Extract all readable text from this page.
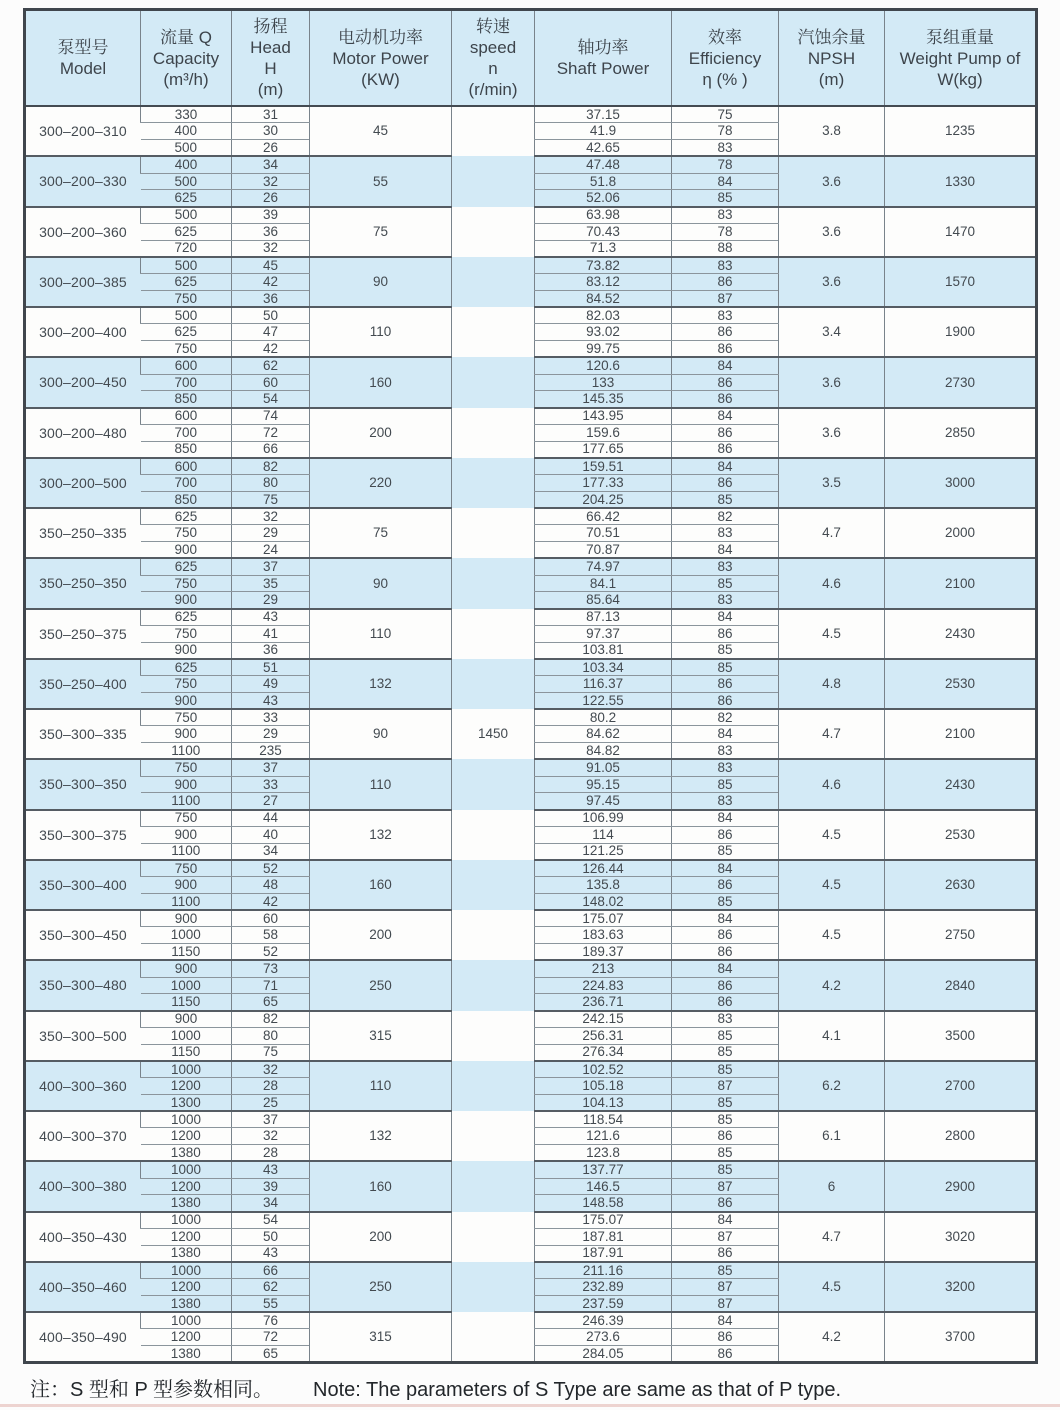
泵型号
Model

流量 Q
Capacity
(m³/h)

扬程
Head
H
(m)

电动机功率
Motor Power
(KW)

转速
speed
n
(r/min)

轴功率
Shaft Power

效率
Efficiency
η (% )

汽蚀余量
NPSH
(m)

泵组重量
Weight Pump of
W(kg)

300–200–310	330	31	45		37.15	75	3.8	1235
	400	30			41.9	78		
	500	26			42.65	83		
300–200–330	400	34	55		47.48	78	3.6	1330
	500	32			51.8	84		
	625	26			52.06	85		
300–200–360	500	39	75		63.98	83	3.6	1470
	625	36			70.43	78		
	720	32			71.3	88		
300–200–385	500	45	90		73.82	83	3.6	1570
	625	42			83.12	86		
	750	36			84.52	87		
300–200–400	500	50	110		82.03	83	3.4	1900
	625	47			93.02	86		
	750	42			99.75	86		
300–200–450	600	62	160		120.6	84	3.6	2730
	700	60			133	86		
	850	54			145.35	86		
300–200–480	600	74	200		143.95	84	3.6	2850
	700	72			159.6	86		
	850	66			177.65	86		
300–200–500	600	82	220		159.51	84	3.5	3000
	700	80			177.33	86		
	850	75			204.25	85		
350–250–335	625	32	75		66.42	82	4.7	2000
	750	29			70.51	83		
	900	24			70.87	84		
350–250–350	625	37	90		74.97	83	4.6	2100
	750	35			84.1	85		
	900	29			85.64	83		
350–250–375	625	43	110		87.13	84	4.5	2430
	750	41			97.37	86		
	900	36			103.81	85		
350–250–400	625	51	132		103.34	85	4.8	2530
	750	49			116.37	86		
	900	43			122.55	86		
350–300–335	750	33	90	1450	80.2	82	4.7	2100
	900	29			84.62	84		
	1100	235			84.82	83		
350–300–350	750	37	110		91.05	83	4.6	2430
	900	33			95.15	85		
	1100	27			97.45	83		
350–300–375	750	44	132		106.99	84	4.5	2530
	900	40			114	86		
	1100	34			121.25	85		
350–300–400	750	52	160		126.44	84	4.5	2630
	900	48			135.8	86		
	1100	42			148.02	85		
350–300–450	900	60	200		175.07	84	4.5	2750
	1000	58			183.63	86		
	1150	52			189.37	86		
350–300–480	900	73	250		213	84	4.2	2840
	1000	71			224.83	86		
	1150	65			236.71	86		
350–300–500	900	82	315		242.15	83	4.1	3500
	1000	80			256.31	85		
	1150	75			276.34	85		
400–300–360	1000	32	110		102.52	85	6.2	2700
	1200	28			105.18	87		
	1300	25			104.13	85		
400–300–370	1000	37	132		118.54	85	6.1	2800
	1200	32			121.6	86		
	1380	28			123.8	85		
400–300–380	1000	43	160		137.77	85	6	2900
	1200	39			146.5	87		
	1380	34			148.58	86		
400–350–430	1000	54	200		175.07	84	4.7	3020
	1200	50			187.81	87		
	1380	43			187.91	86		
400–350–460	1000	66	250		211.16	85	4.5	3200
	1200	62			232.89	87		
	1380	55			237.59	87		
400–350–490	1000	76	315		246.39	84	4.2	3700
	1200	72			273.6	86		
	1380	65			284.05	86		
注：S 型和 P 型参数相同。 Note: The parameters of S Type are same as that of P type.
